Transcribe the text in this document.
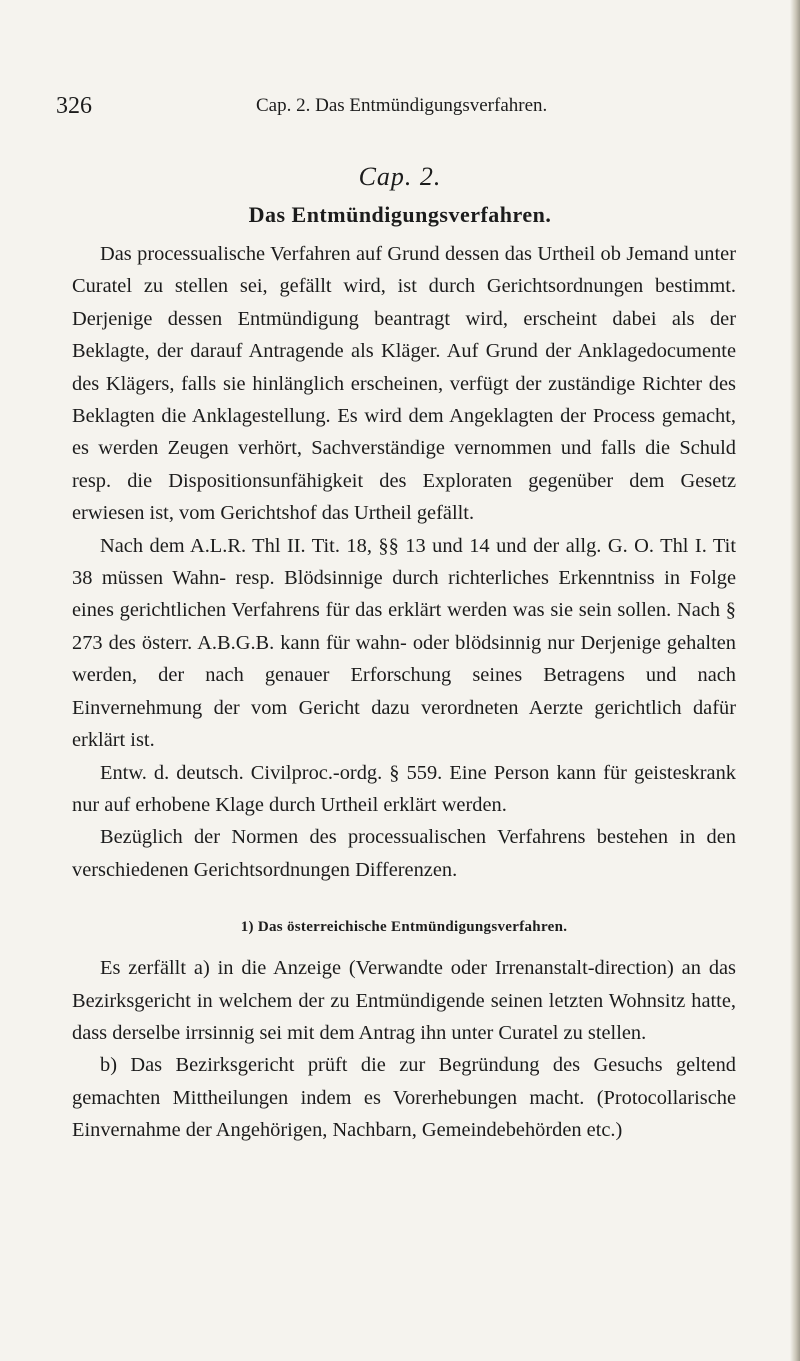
326	Cap. 2. Das Entmündigungsverfahren.
Cap. 2.
Das Entmündigungsverfahren.

Das processualische Verfahren auf Grund dessen das Urtheil ob Jemand unter Curatel zu stellen sei, gefällt wird, ist durch Gerichtsordnungen bestimmt. Derjenige dessen Entmündigung beantragt wird, erscheint dabei als der Beklagte, der darauf Antragende als Kläger. Auf Grund der Anklagedocumente des Klägers, falls sie hinlänglich erscheinen, verfügt der zuständige Richter des Beklagten die Anklagestellung. Es wird dem Angeklagten der Process gemacht, es werden Zeugen verhört, Sachverständige vernommen und falls die Schuld resp. die Dispositionsunfähigkeit des Exploraten gegenüber dem Gesetz erwiesen ist, vom Gerichtshof das Urtheil gefällt.

Nach dem A.L.R. Thl II. Tit. 18, §§ 13 und 14 und der allg. G. O. Thl I. Tit 38 müssen Wahn- resp. Blödsinnige durch richterliches Erkenntniss in Folge eines gerichtlichen Verfahrens für das erklärt werden was sie sein sollen. Nach § 273 des österr. A.B.G.B. kann für wahn- oder blödsinnig nur Derjenige gehalten werden, der nach genauer Erforschung seines Betragens und nach Einvernehmung der vom Gericht dazu verordneten Aerzte gerichtlich dafür erklärt ist.

Entw. d. deutsch. Civilproc.-ordg. § 559. Eine Person kann für geisteskrank nur auf erhobene Klage durch Urtheil erklärt werden.

Bezüglich der Normen des processualischen Verfahrens bestehen in den verschiedenen Gerichtsordnungen Differenzen.

1) Das österreichische Entmündigungsverfahren.

Es zerfällt a) in die Anzeige (Verwandte oder Irrenanstalt-direction) an das Bezirksgericht in welchem der zu Entmündigende seinen letzten Wohnsitz hatte, dass derselbe irrsinnig sei mit dem Antrag ihn unter Curatel zu stellen.

b) Das Bezirksgericht prüft die zur Begründung des Gesuchs geltend gemachten Mittheilungen indem es Vorerhebungen macht. (Protocollarische Einvernahme der Angehörigen, Nachbarn, Gemeindebehörden etc.)
